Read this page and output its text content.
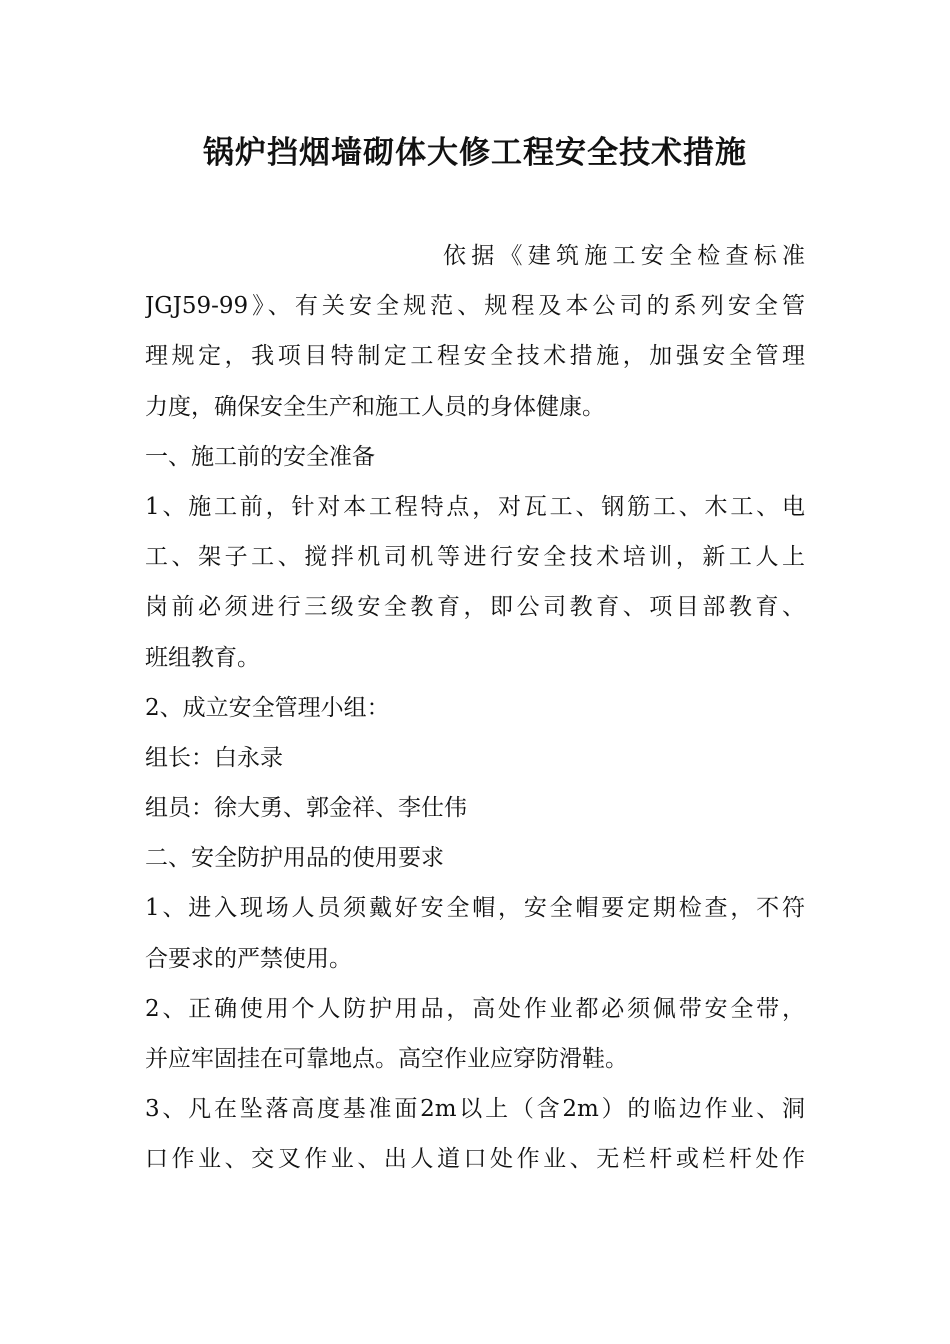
锅炉挡烟墙砌体大修工程安全技术措施
依据《建筑施工安全检查标准
JGJ59-99》、有关安全规范、规程及本公司的系列安全管
理规定，我项目特制定工程安全技术措施，加强安全管理
力度，确保安全生产和施工人员的身体健康。
一、施工前的安全准备
1、施工前，针对本工程特点，对瓦工、钢筋工、木工、电
工、架子工、搅拌机司机等进行安全技术培训，新工人上
岗前必须进行三级安全教育，即公司教育、项目部教育、
班组教育。
2、成立安全管理小组：
组长：白永录
组员：徐大勇、郭金祥、李仕伟
二、安全防护用品的使用要求
1、进入现场人员须戴好安全帽，安全帽要定期检查，不符
合要求的严禁使用。
2、正确使用个人防护用品，高处作业都必须佩带安全带，
并应牢固挂在可靠地点。高空作业应穿防滑鞋。
3、凡在坠落高度基准面2m以上（含2m）的临边作业、洞
口作业、交叉作业、出人道口处作业、无栏杆或栏杆处作
